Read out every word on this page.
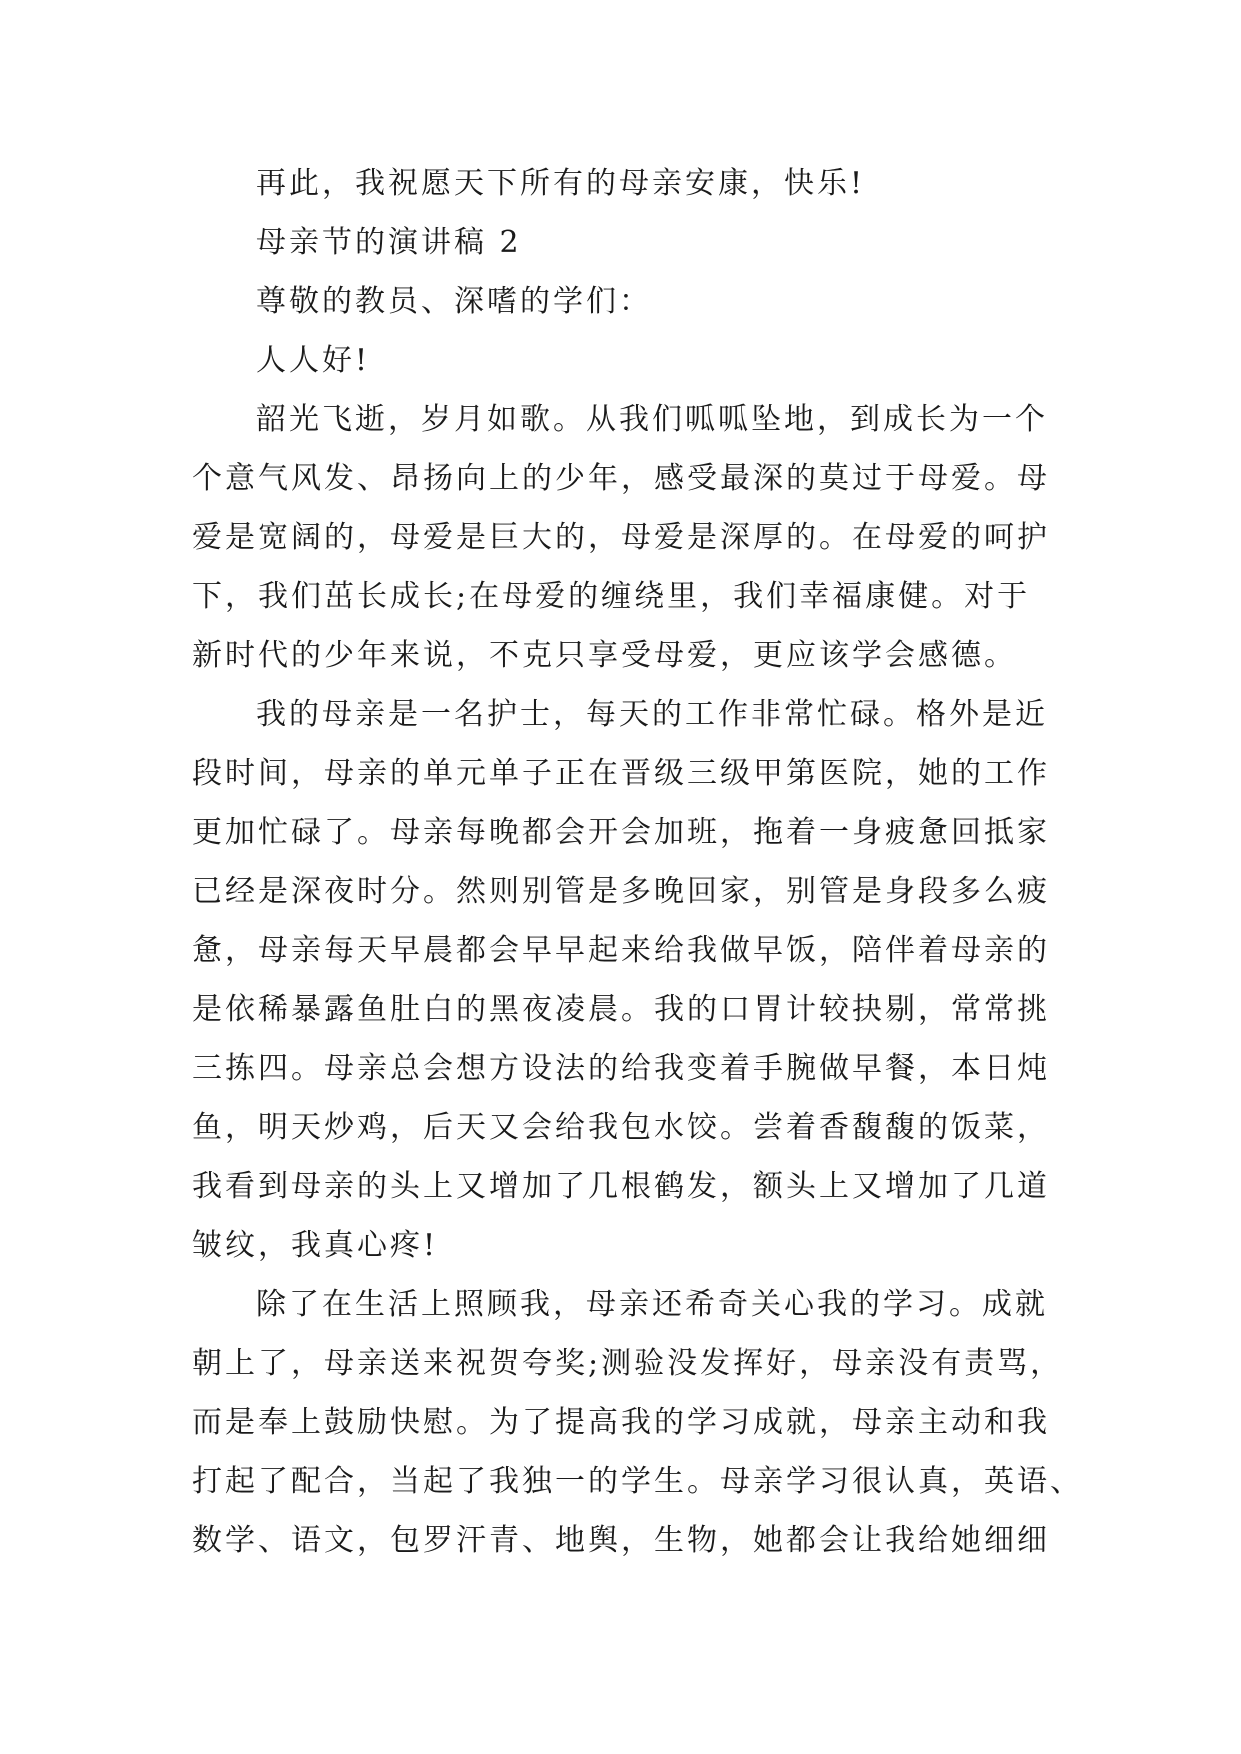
再此，我祝愿天下所有的母亲安康，快乐!

母亲节的演讲稿 2

尊敬的教员、深嗜的学们：

人人好!

韶光飞逝，岁月如歌。从我们呱呱坠地，到成长为一个

个意气风发、昂扬向上的少年，感受最深的莫过于母爱。母

爱是宽阔的，母爱是巨大的，母爱是深厚的。在母爱的呵护

下，我们茁长成长;在母爱的缠绕里，我们幸福康健。对于

新时代的少年来说，不克只享受母爱，更应该学会感德。

我的母亲是一名护士，每天的工作非常忙碌。格外是近

段时间，母亲的单元单子正在晋级三级甲第医院，她的工作

更加忙碌了。母亲每晚都会开会加班，拖着一身疲惫回抵家

已经是深夜时分。然则别管是多晚回家，别管是身段多么疲

惫，母亲每天早晨都会早早起来给我做早饭，陪伴着母亲的

是依稀暴露鱼肚白的黑夜凌晨。我的口胃计较抉剔，常常挑

三拣四。母亲总会想方设法的给我变着手腕做早餐，本日炖

鱼，明天炒鸡，后天又会给我包水饺。尝着香馥馥的饭菜，

我看到母亲的头上又增加了几根鹤发，额头上又增加了几道

皱纹，我真心疼!

除了在生活上照顾我，母亲还希奇关心我的学习。成就

朝上了，母亲送来祝贺夸奖;测验没发挥好，母亲没有责骂，

而是奉上鼓励快慰。为了提高我的学习成就，母亲主动和我

打起了配合，当起了我独一的学生。母亲学习很认真，英语、

数学、语文，包罗汗青、地舆，生物，她都会让我给她细细
